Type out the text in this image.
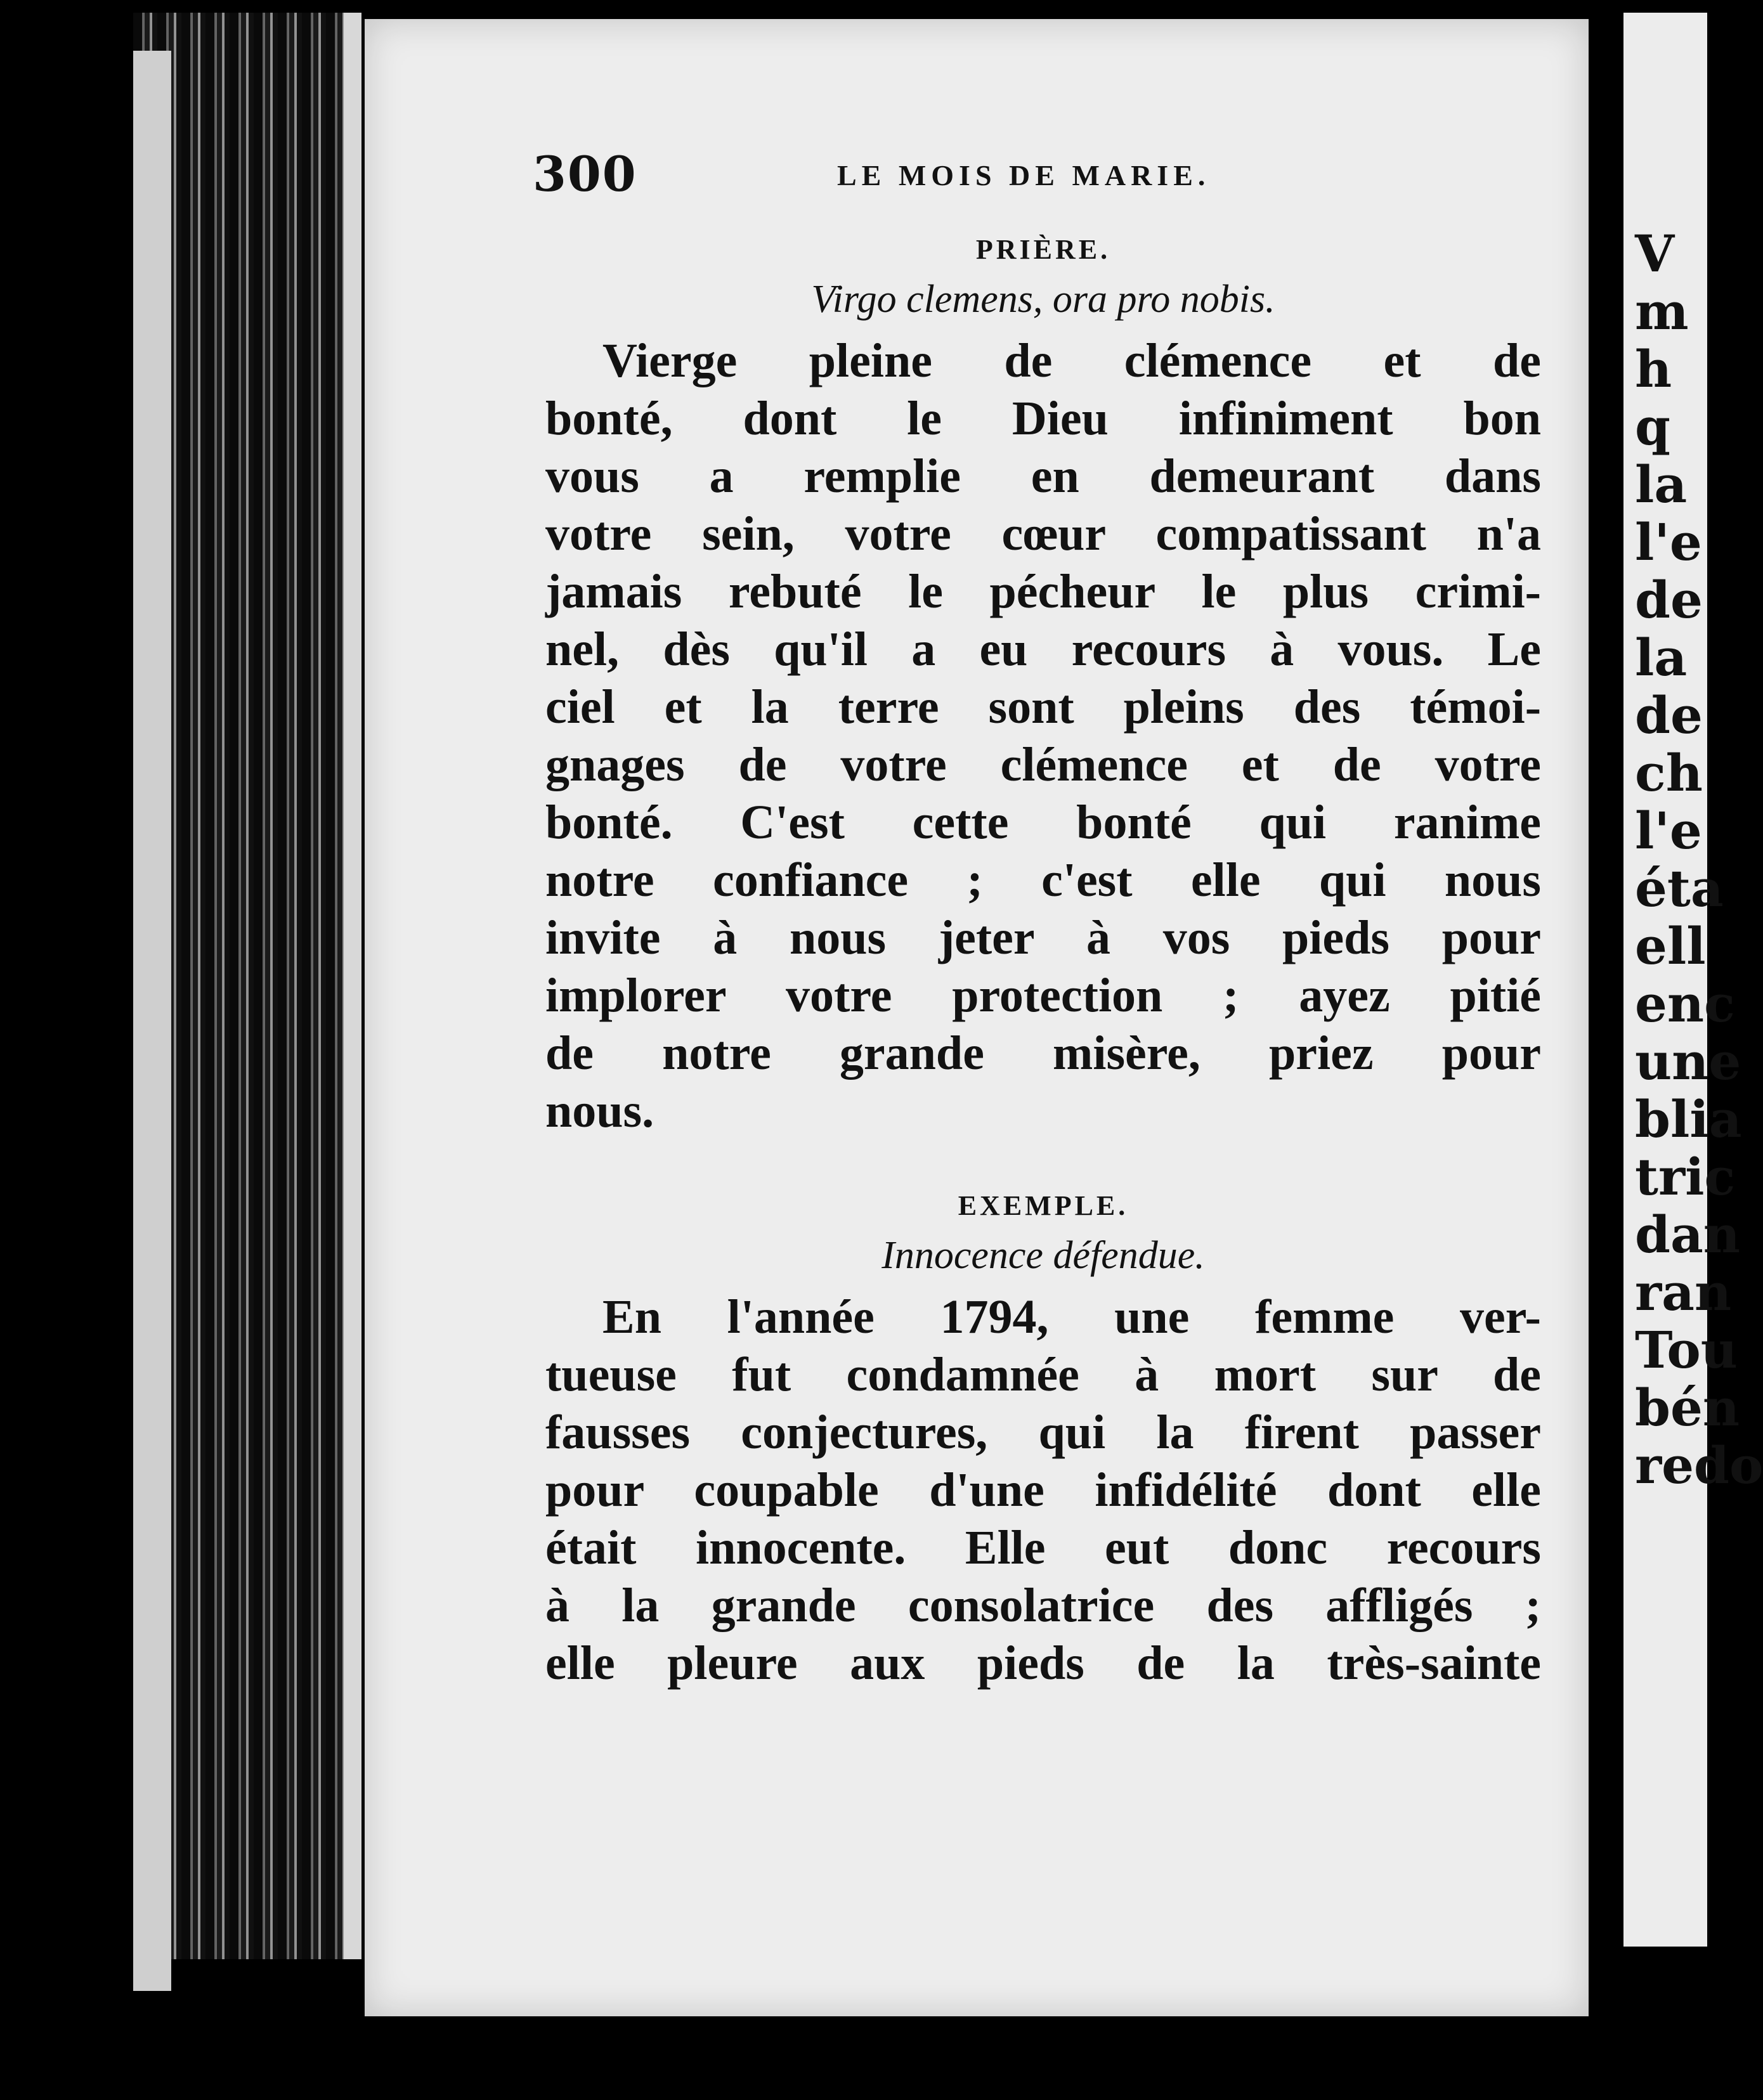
300	LE MOIS DE MARIE.
PRIÈRE.
Virgo clemens, ora pro nobis.
Vierge pleine de clémence et de
bonté, dont le Dieu infiniment bon
vous a remplie en demeurant dans
votre sein, votre cœur compatissant n'a
jamais rebuté le pécheur le plus crimi-
nel, dès qu'il a eu recours à vous. Le
ciel et la terre sont pleins des témoi-
gnages de votre clémence et de votre
bonté. C'est cette bonté qui ranime
notre confiance ; c'est elle qui nous
invite à nous jeter à vos pieds pour
implorer votre protection ; ayez pitié
de notre grande misère, priez pour
nous.
EXEMPLE.
Innocence défendue.
En l'année 1794, une femme ver-
tueuse fut condamnée à mort sur de
fausses conjectures, qui la firent passer
pour coupable d'une infidélité dont elle
était innocente. Elle eut donc recours
à la grande consolatrice des affligés ;
elle pleure aux pieds de la très-sainte
V
m
h
q
la
l'e
de
la
de
ch
l'e
éta
ell
enc
une
blia
tric
dan
ran
Tou
bén
redo
